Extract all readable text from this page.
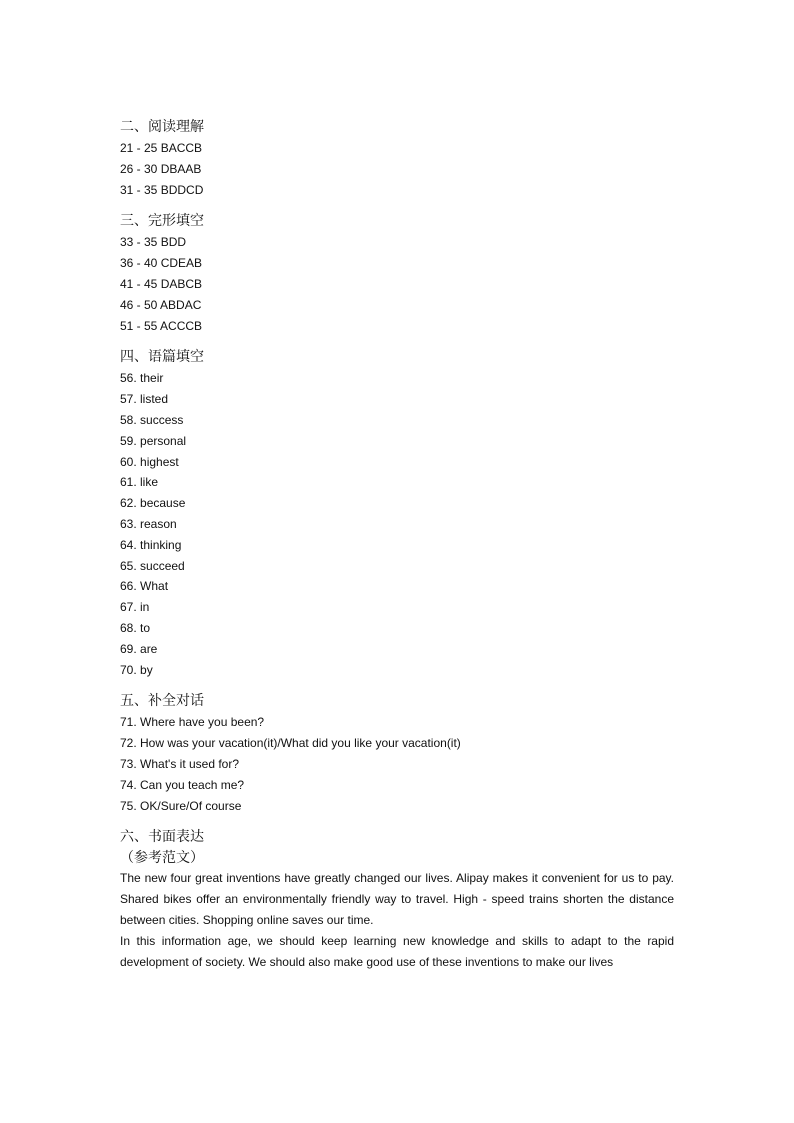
二、阅读理解
21 - 25 BACCB
26 - 30 DBAAB
31 - 35 BDDCD
三、完形填空
33 - 35 BDD
36 - 40 CDEAB
41 - 45 DABCB
46 - 50 ABDAC
51 - 55 ACCCB
四、语篇填空
56. their
57. listed
58. success
59. personal
60. highest
61. like
62. because
63. reason
64. thinking
65. succeed
66. What
67. in
68. to
69. are
70. by
五、补全对话
71. Where have you been?
72. How was your vacation(it)/What did you like your vacation(it)
73. What's it used for?
74. Can you teach me?
75. OK/Sure/Of course
六、书面表达
（参考范文）

The new four great inventions have greatly changed our lives. Alipay makes it convenient for us to pay. Shared bikes offer an environmentally friendly way to travel. High - speed trains shorten the distance between cities. Shopping online saves our time.

In this information age, we should keep learning new knowledge and skills to adapt to the rapid development of society. We should also make good use of these inventions to make our lives
